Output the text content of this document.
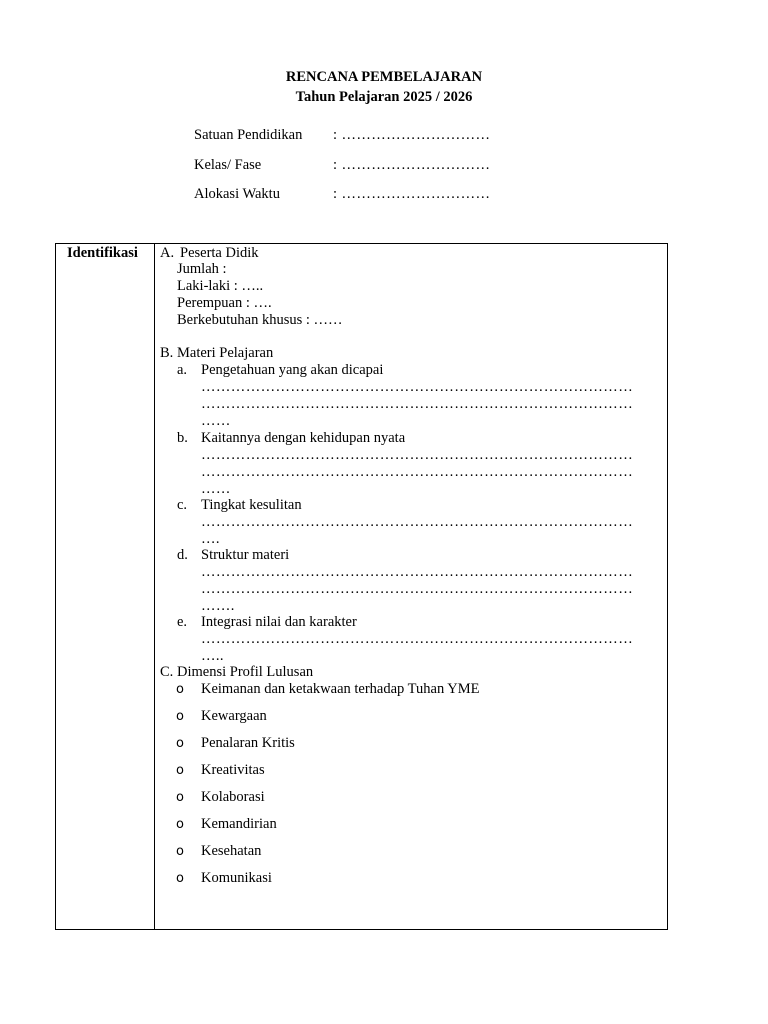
RENCANA PEMBELAJARAN
Tahun Pelajaran 2025 / 2026
Satuan Pendidikan : …………………………
Kelas/ Fase	: …………………………
Alokasi Waktu	: …………………………
Identifikasi A. Peserta Didik
Jumlah :
Laki-laki : …..
Perempuan : ….
Berkebutuhan khusus : ……
B. Materi Pelajaran
a. Pengetahuan yang akan dicapai
……………………………………………………………………………
……………………………………………………………………………
……
b. Kaitannya dengan kehidupan nyata
……………………………………………………………………………
……………………………………………………………………………
……
c. Tingkat kesulitan
……………………………………………………………………………
….
d. Struktur materi
……………………………………………………………………………
……………………………………………………………………………
…….
e. Integrasi nilai dan karakter
……………………………………………………………………………
…..
C. Dimensi Profil Lulusan
o Keimanan dan ketakwaan terhadap Tuhan YME
o Kewargaan
o Penalaran Kritis
o Kreativitas
o Kolaborasi
o Kemandirian
o Kesehatan
o Komunikasi
